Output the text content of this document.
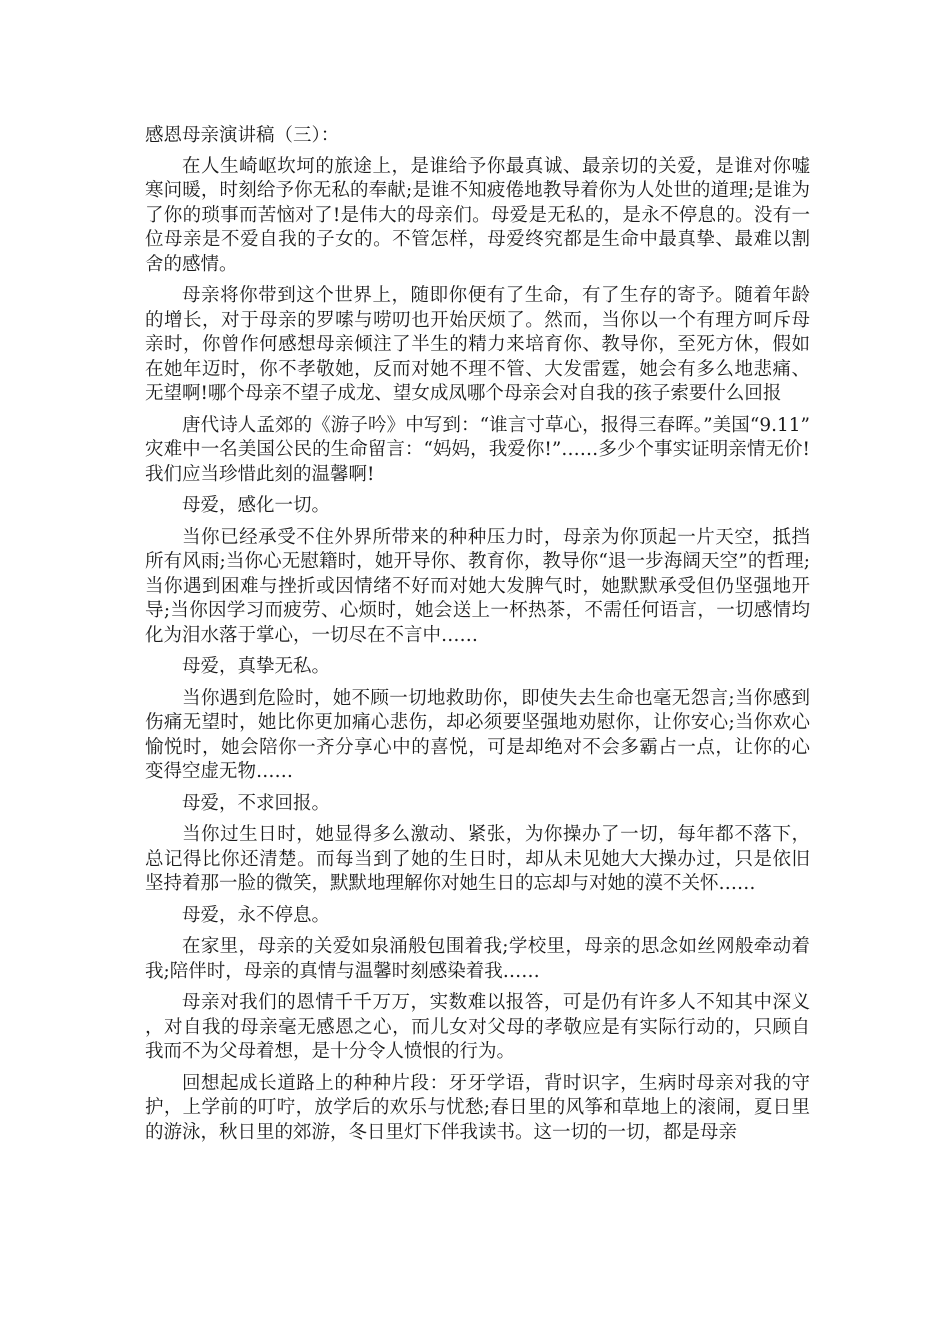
感恩母亲演讲稿（三）：

在人生崎岖坎坷的旅途上，是谁给予你最真诚、最亲切的关爱，是谁对你嘘寒问暖，时刻给予你无私的奉献;是谁不知疲倦地教导着你为人处世的道理;是谁为了你的琐事而苦恼对了!是伟大的母亲们。母爱是无私的，是永不停息的。没有一位母亲是不爱自我的子女的。不管怎样，母爱终究都是生命中最真挚、最难以割舍的感情。

母亲将你带到这个世界上，随即你便有了生命，有了生存的寄予。随着年龄的增长，对于母亲的罗嗦与唠叨也开始厌烦了。然而，当你以一个有理方呵斥母亲时，你曾作何感想母亲倾注了半生的精力来培育你、教导你，至死方休，假如在她年迈时，你不孝敬她，反而对她不理不管、大发雷霆，她会有多么地悲痛、无望啊!哪个母亲不望子成龙、望女成凤哪个母亲会对自我的孩子索要什么回报

唐代诗人孟郊的《游子吟》中写到：“谁言寸草心，报得三春晖。”美国“9.11”灾难中一名美国公民的生命留言：“妈妈，我爱你!”……多少个事实证明亲情无价!我们应当珍惜此刻的温馨啊!

母爱，感化一切。

当你已经承受不住外界所带来的种种压力时，母亲为你顶起一片天空，抵挡所有风雨;当你心无慰籍时，她开导你、教育你，教导你“退一步海阔天空”的哲理;当你遇到困难与挫折或因情绪不好而对她大发脾气时，她默默承受但仍坚强地开导;当你因学习而疲劳、心烦时，她会送上一杯热茶，不需任何语言，一切感情均化为泪水落于掌心，一切尽在不言中……

母爱，真挚无私。

当你遇到危险时，她不顾一切地救助你，即使失去生命也毫无怨言;当你感到伤痛无望时，她比你更加痛心悲伤，却必须要坚强地劝慰你，让你安心;当你欢心愉悦时，她会陪你一齐分享心中的喜悦，可是却绝对不会多霸占一点，让你的心变得空虚无物……

母爱，不求回报。

当你过生日时，她显得多么激动、紧张，为你操办了一切，每年都不落下，总记得比你还清楚。而每当到了她的生日时，却从未见她大大操办过，只是依旧坚持着那一脸的微笑，默默地理解你对她生日的忘却与对她的漠不关怀……

母爱，永不停息。

在家里，母亲的关爱如泉涌般包围着我;学校里，母亲的思念如丝网般牵动着我;陪伴时，母亲的真情与温馨时刻感染着我……

母亲对我们的恩情千千万万，实数难以报答，可是仍有许多人不知其中深义，对自我的母亲毫无感恩之心，而儿女对父母的孝敬应是有实际行动的，只顾自我而不为父母着想，是十分令人愤恨的行为。

回想起成长道路上的种种片段：牙牙学语，背时识字，生病时母亲对我的守护，上学前的叮咛，放学后的欢乐与忧愁;春日里的风筝和草地上的滚闹，夏日里的游泳，秋日里的郊游，冬日里灯下伴我读书。这一切的一切，都是母亲
